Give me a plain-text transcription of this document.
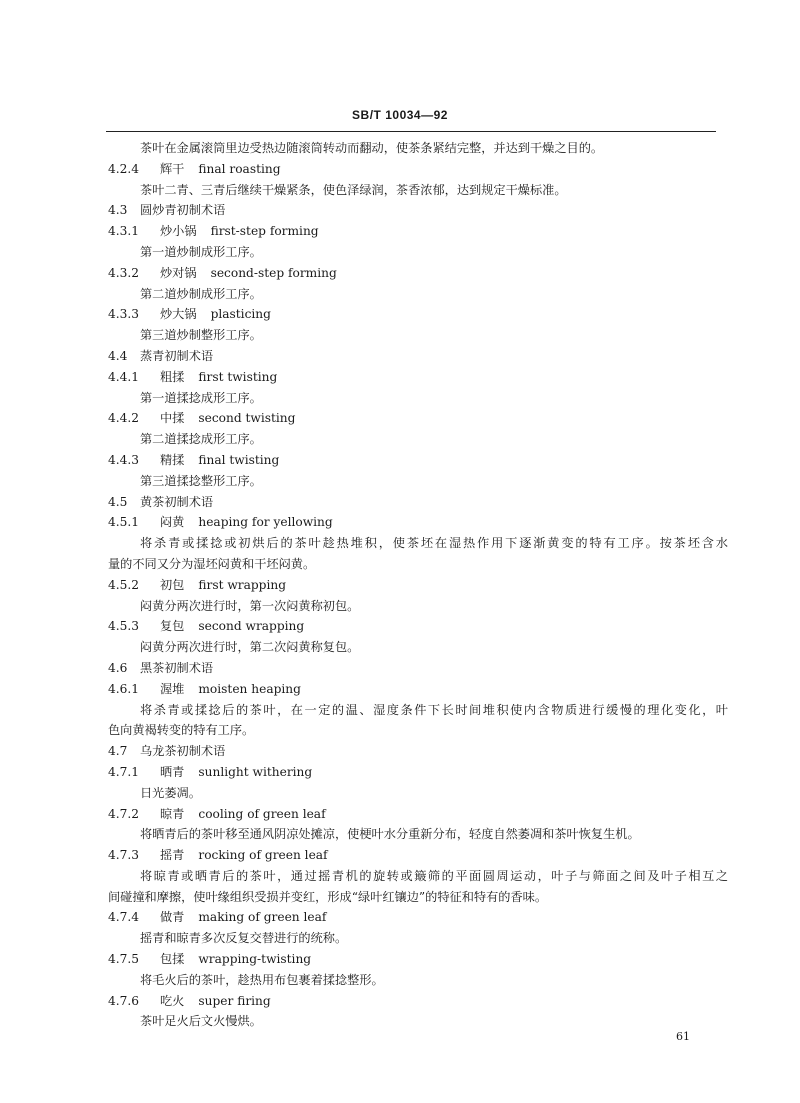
SB/T 10034—92
茶叶在金属滚筒里边受热边随滚筒转动而翻动，使茶条紧结完整，并达到干燥之目的。
4.2.4 辉干 final roasting
茶叶二青、三青后继续干燥紧条，使色泽绿润，茶香浓郁，达到规定干燥标准。
4.3 圆炒青初制术语
4.3.1 炒小锅 first-step forming
第一道炒制成形工序。
4.3.2 炒对锅 second-step forming
第二道炒制成形工序。
4.3.3 炒大锅 plasticing
第三道炒制整形工序。
4.4 蒸青初制术语
4.4.1 粗揉 first twisting
第一道揉捻成形工序。
4.4.2 中揉 second twisting
第二道揉捻成形工序。
4.4.3 精揉 final twisting
第三道揉捻整形工序。
4.5 黄茶初制术语
4.5.1 闷黄 heaping for yellowing
将杀青或揉捻或初烘后的茶叶趁热堆积，使茶坯在湿热作用下逐渐黄变的特有工序。按茶坯含水
量的不同又分为湿坯闷黄和干坯闷黄。
4.5.2 初包 first wrapping
闷黄分两次进行时，第一次闷黄称初包。
4.5.3 复包 second wrapping
闷黄分两次进行时，第二次闷黄称复包。
4.6 黑茶初制术语
4.6.1 渥堆 moisten heaping
将杀青或揉捻后的茶叶，在一定的温、湿度条件下长时间堆积使内含物质进行缓慢的理化变化，叶
色向黄褐转变的特有工序。
4.7 乌龙茶初制术语
4.7.1 晒青 sunlight withering
日光萎凋。
4.7.2 晾青 cooling of green leaf
将晒青后的茶叶移至通风阴凉处摊凉，使梗叶水分重新分布，轻度自然萎凋和茶叶恢复生机。
4.7.3 摇青 rocking of green leaf
将晾青或晒青后的茶叶，通过摇青机的旋转或簸筛的平面圆周运动，叶子与筛面之间及叶子相互之
间碰撞和摩擦，使叶缘组织受损并变红，形成“绿叶红镶边”的特征和特有的香味。
4.7.4 做青 making of green leaf
摇青和晾青多次反复交替进行的统称。
4.7.5 包揉 wrapping-twisting
将毛火后的茶叶，趁热用布包裹着揉捻整形。
4.7.6 吃火 super firing
茶叶足火后文火慢烘。
61
